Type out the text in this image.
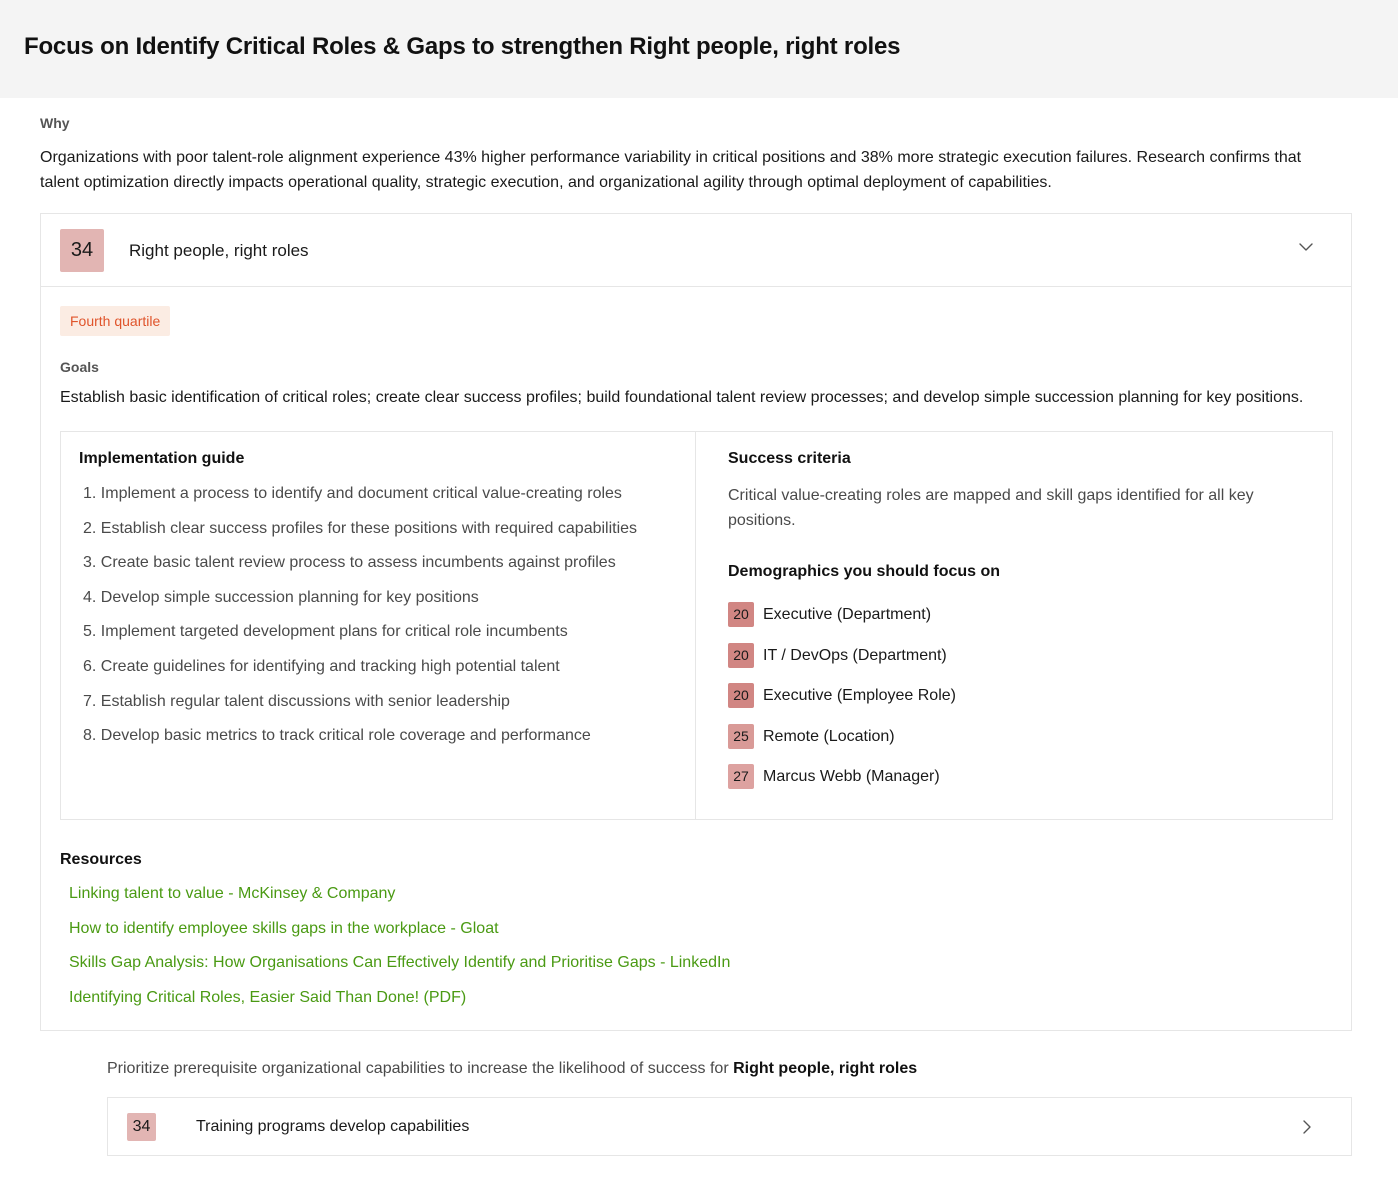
Focus on Identify Critical Roles & Gaps to strengthen Right people, right roles
Why

Organizations with poor talent-role alignment experience 43% higher performance variability in critical positions and 38% more strategic execution failures. Research confirms that talent optimization directly impacts operational quality, strategic execution, and organizational agility through optimal deployment of capabilities.

34	Right people, right roles
Fourth quartile
Goals

Establish basic identification of critical roles; create clear success profiles; build foundational talent review processes; and develop simple succession planning for key positions.

Implementation guide
1. Implement a process to identify and document critical value-creating roles
2. Establish clear success profiles for these positions with required capabilities
3. Create basic talent review process to assess incumbents against profiles
4. Develop simple succession planning for key positions
5. Implement targeted development plans for critical role incumbents
6. Create guidelines for identifying and tracking high potential talent
7. Establish regular talent discussions with senior leadership
8. Develop basic metrics to track critical role coverage and performance
Success criteria

Critical value-creating roles are mapped and skill gaps identified for all key positions.

Demographics you should focus on
20 Executive (Department)
20 IT / DevOps (Department)
20 Executive (Employee Role)
25 Remote (Location)
27 Marcus Webb (Manager)
Resources
Linking talent to value - McKinsey & Company
How to identify employee skills gaps in the workplace - Gloat
Skills Gap Analysis: How Organisations Can Effectively Identify and Prioritise Gaps - LinkedIn
Identifying Critical Roles, Easier Said Than Done! (PDF)

Prioritize prerequisite organizational capabilities to increase the likelihood of success for Right people, right roles

34	Training programs develop capabilities
